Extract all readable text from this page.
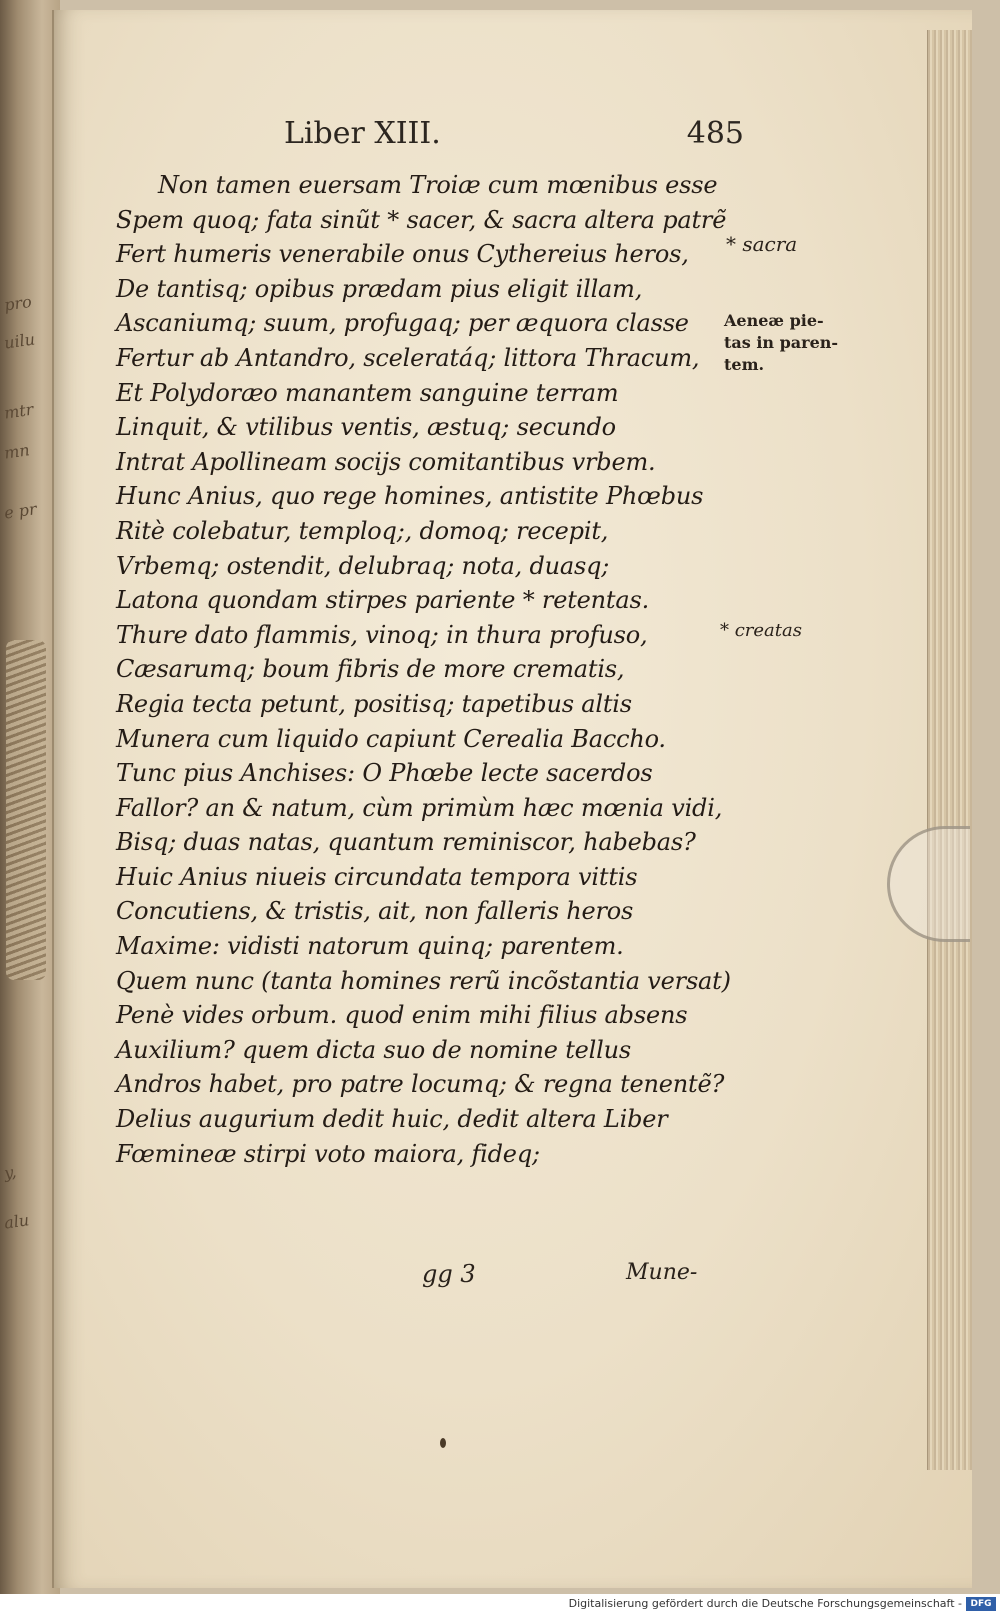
pro
uilu
mtr
mn
e pr
y,
alu
Liber XIII.	485
Non tamen euersam Troiæ cum mœnibus esse
Spem quoq; fata sinũt * sacer, & sacra altera patrẽ
Fert humeris venerabile onus Cythereius heros,
De tantisq; opibus prædam pius eligit illam,
Ascaniumq; suum, profugaq; per æquora classe
Fertur ab Antandro, sceleratáq; littora Thracum,
Et Polydoræo manantem sanguine terram
Linquit, & vtilibus ventis, æstuq; secundo
Intrat Apollineam socijs comitantibus vrbem.
Hunc Anius, quo rege homines, antistite Phœbus
Ritè colebatur, temploq;, domoq; recepit,
Vrbemq; ostendit, delubraq; nota, duasq;
Latona quondam stirpes pariente * retentas.
Thure dato flammis, vinoq; in thura profuso,
Cæsarumq; boum fibris de more crematis,
Regia tecta petunt, positisq; tapetibus altis
Munera cum liquido capiunt Cerealia Baccho.
Tunc pius Anchises: O Phœbe lecte sacerdos
Fallor? an & natum, cùm primùm hæc mœnia vidi,
Bisq; duas natas, quantum reminiscor, habebas?
Huic Anius niueis circundata tempora vittis
Concutiens, & tristis, ait, non falleris heros
Maxime: vidisti natorum quinq; parentem.
Quem nunc (tanta homines rerũ incõstantia versat)
Penè vides orbum. quod enim mihi filius absens
Auxilium? quem dicta suo de nomine tellus
Andros habet, pro patre locumq; & regna tenentẽ?
Delius augurium dedit huic, dedit altera Liber
Fœmineæ stirpi voto maiora, fideq;
* sacra
Aeneæ pie-
tas in paren-
tem.
* creatas
gg 3	Mune-
Digitalisierung gefördert durch die Deutsche Forschungsgemeinschaft - DFG
